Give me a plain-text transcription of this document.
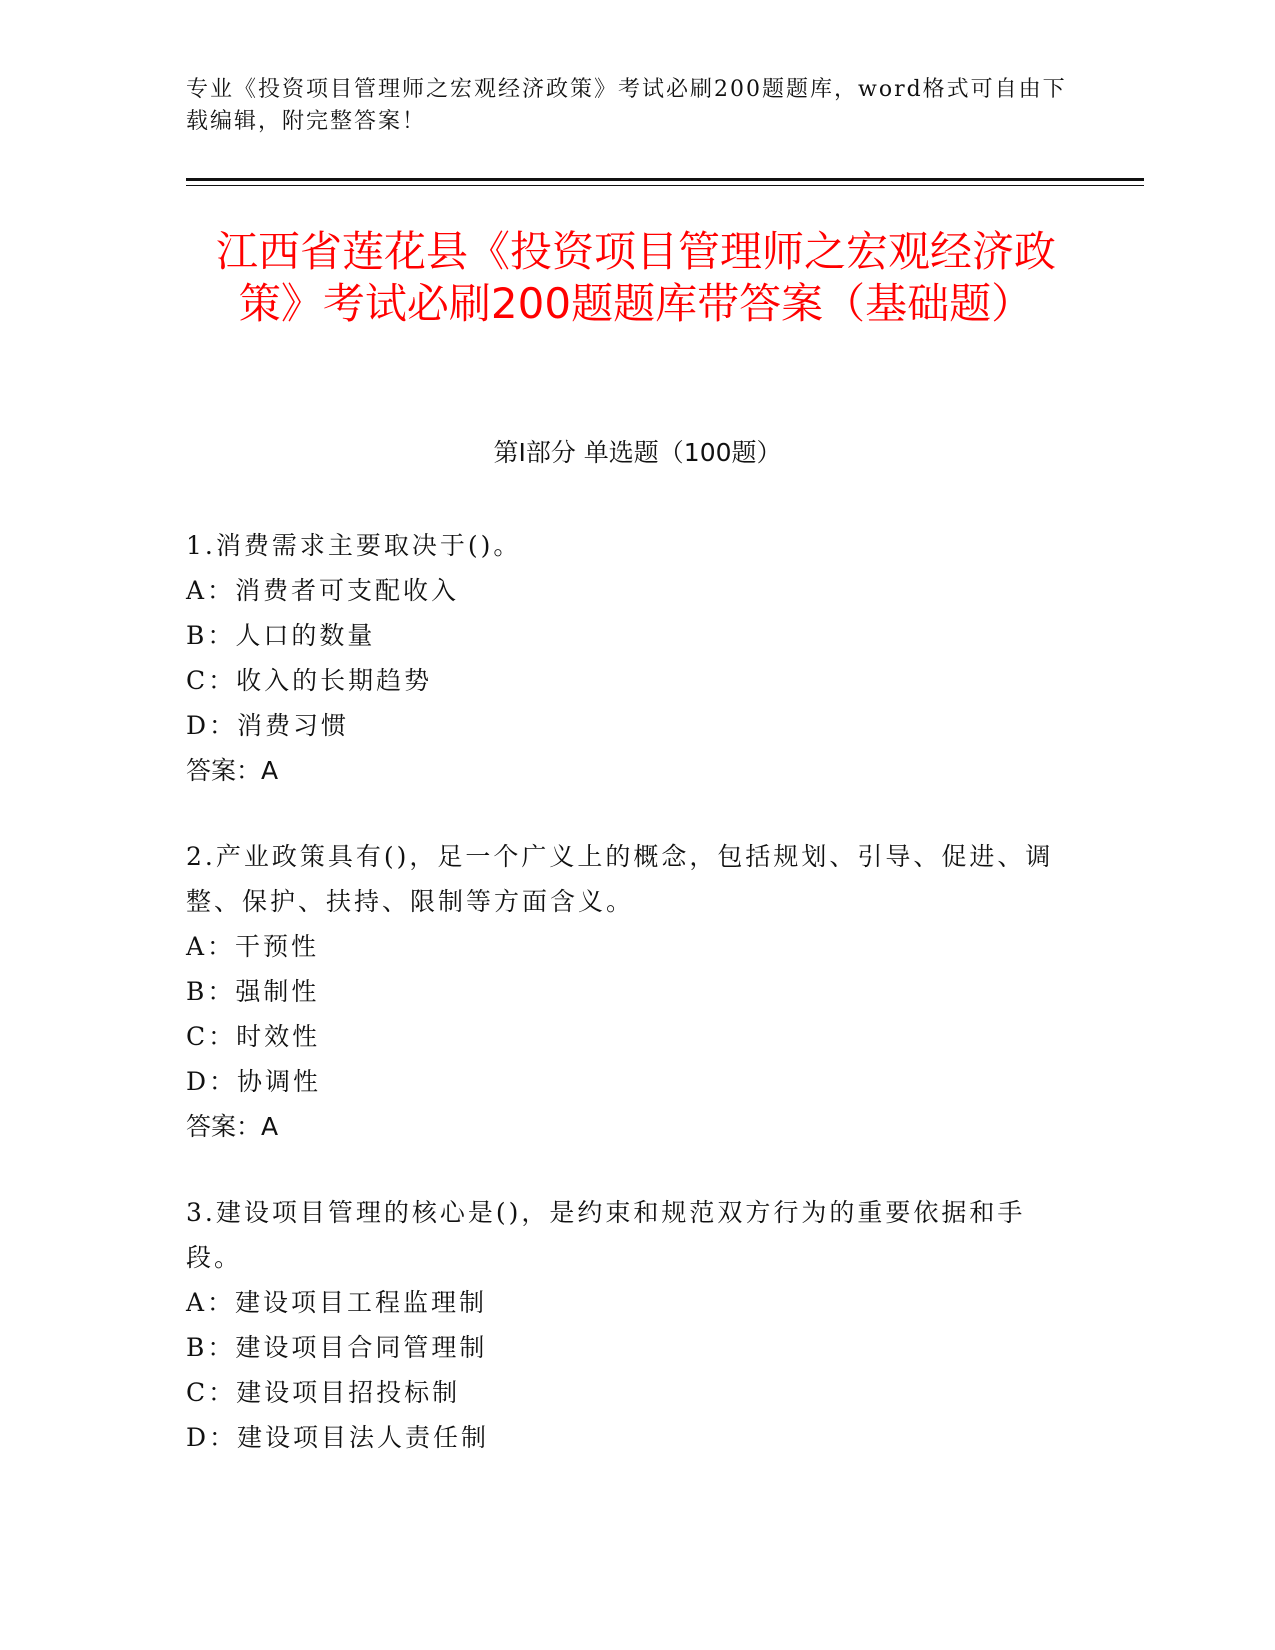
专业《投资项目管理师之宏观经济政策》考试必刷200题题库，word格式可自由下载编辑，附完整答案！

江西省莲花县《投资项目管理师之宏观经济政策》考试必刷200题题库带答案（基础题）
第I部分 单选题（100题）

1.消费需求主要取决于()。

A：消费者可支配收入

B：人口的数量

C：收入的长期趋势

D：消费习惯

答案：A

2.产业政策具有()，足一个广义上的概念，包括规划、引导、促进、调整、保护、扶持、限制等方面含义。

A：干预性

B：强制性

C：时效性

D：协调性

答案：A

3.建设项目管理的核心是()，是约束和规范双方行为的重要依据和手段。

A：建设项目工程监理制

B：建设项目合同管理制

C：建设项目招投标制

D：建设项目法人责任制
